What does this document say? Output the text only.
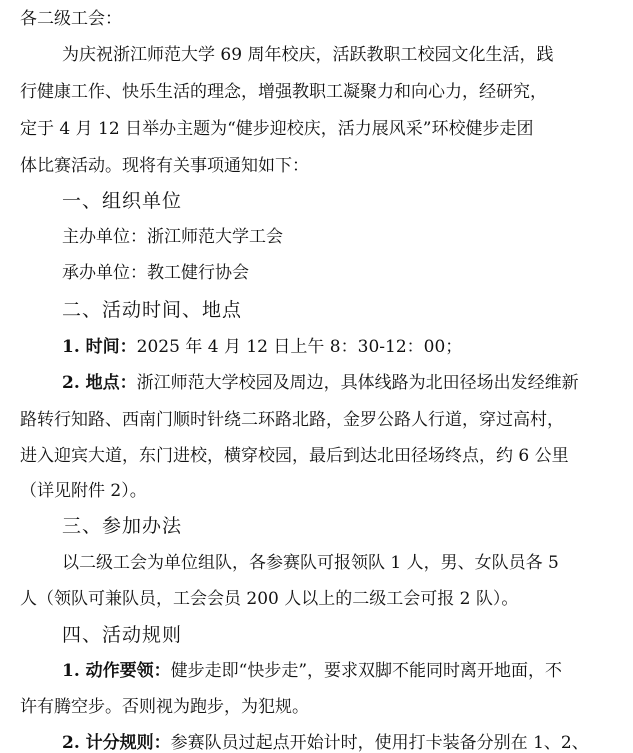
各二级工会：
为庆祝浙江师范大学 69 周年校庆，活跃教职工校园文化生活，践
行健康工作、快乐生活的理念，增强教职工凝聚力和向心力，经研究，
定于 4 月 12 日举办主题为“健步迎校庆，活力展风采”环校健步走团
体比赛活动。现将有关事项通知如下：
一、组织单位
主办单位：浙江师范大学工会
承办单位：教工健行协会
二、活动时间、地点
1. 时间：2025 年 4 月 12 日上午 8：30-12：00；
2. 地点：浙江师范大学校园及周边，具体线路为北田径场出发经维新
路转行知路、西南门顺时针绕二环路北路，金罗公路人行道，穿过高村，
进入迎宾大道，东门进校，横穿校园，最后到达北田径场终点，约 6 公里
（详见附件 2）。
三、参加办法
以二级工会为单位组队，各参赛队可报领队 1 人，男、女队员各 5
人（领队可兼队员，工会会员 200 人以上的二级工会可报 2 队）。
四、活动规则
1. 动作要领：健步走即“快步走”，要求双脚不能同时离开地面，不
许有腾空步。否则视为跑步，为犯规。
2. 计分规则：参赛队员过起点开始计时，使用打卡装备分别在 1、2、
